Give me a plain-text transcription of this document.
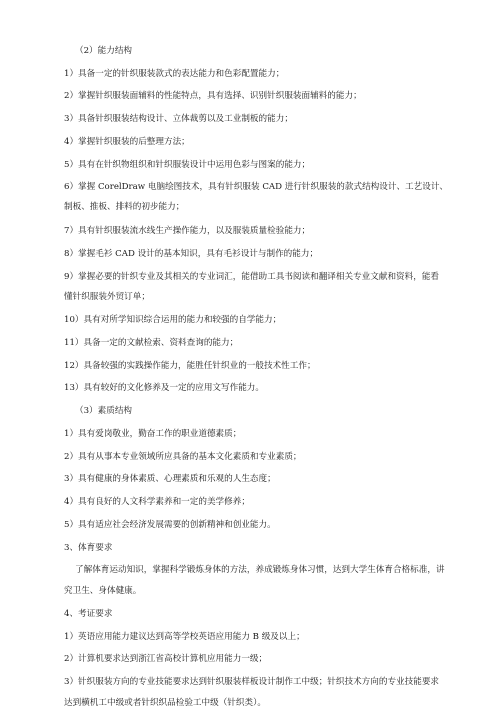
（2）能力结构
1）具备一定的针织服装款式的表达能力和色彩配置能力；
2）掌握针织服装面辅料的性能特点，具有选择、识别针织服装面辅料的能力；
3）具备针织服装结构设计、立体裁剪以及工业制板的能力；
4）掌握针织服装的后整理方法；
5）具有在针织物组织和针织服装设计中运用色彩与图案的能力；
6）掌握 CorelDraw 电脑绘图技术，具有针织服装 CAD 进行针织服装的款式结构设计、工艺设计、
制板、推板、排料的初步能力；
7）具有针织服装流水线生产操作能力，以及服装质量检验能力；
8）掌握毛衫 CAD 设计的基本知识，具有毛衫设计与制作的能力；
9）掌握必要的针织专业及其相关的专业词汇，能借助工具书阅读和翻译相关专业文献和资料，能看
懂针织服装外贸订单；
10）具有对所学知识综合运用的能力和较强的自学能力；
11）具备一定的文献检索、资料查询的能力；
12）具备较强的实践操作能力，能胜任针织业的一般技术性工作；
13）具有较好的文化修养及一定的应用文写作能力。
（3）素质结构
1）具有爱岗敬业，勤奋工作的职业道德素质；
2）具有从事本专业领域所应具备的基本文化素质和专业素质；
3）具有健康的身体素质、心理素质和乐观的人生态度；
4）具有良好的人文科学素养和一定的美学修养；
5）具有适应社会经济发展需要的创新精神和创业能力。
3、体育要求
了解体育运动知识，掌握科学锻炼身体的方法，养成锻炼身体习惯，达到大学生体育合格标准，讲
究卫生、身体健康。
4、考证要求
1）英语应用能力建议达到高等学校英语应用能力 B 级及以上；
2）计算机要求达到浙江省高校计算机应用能力一级；
3）针织服装方向的专业技能要求达到针织服装样板设计制作工中级；针织技术方向的专业技能要求
达到横机工中级或者针织织品检验工中级（针织类）。
